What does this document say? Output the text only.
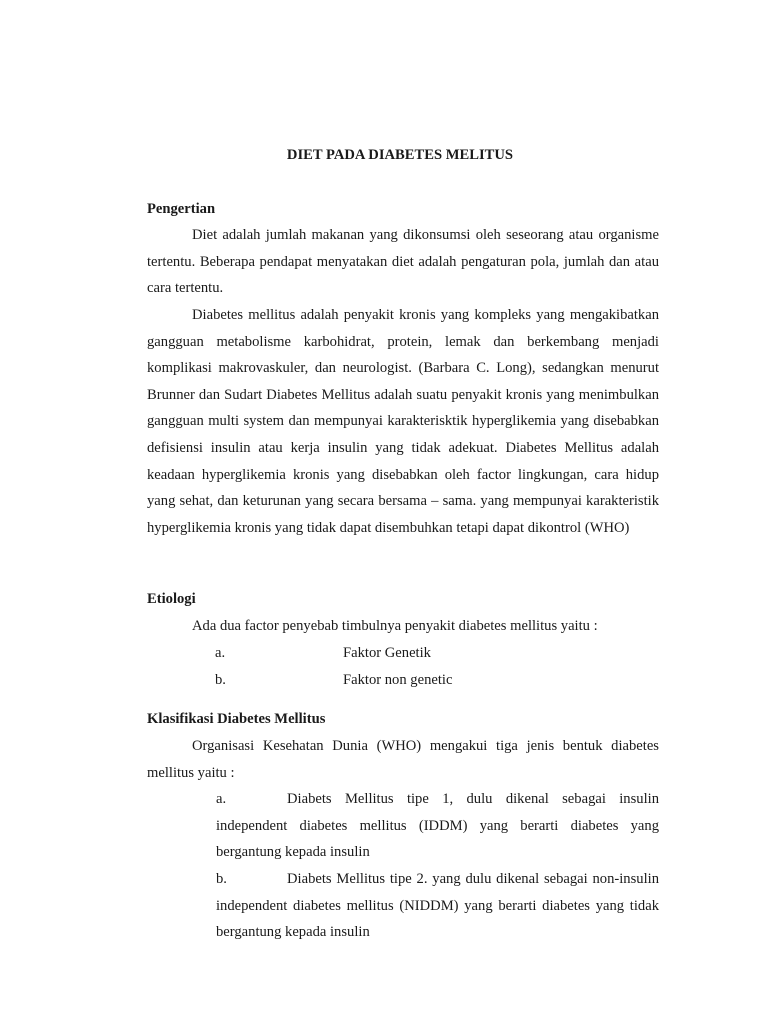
DIET PADA DIABETES MELITUS
Pengertian

Diet adalah jumlah makanan yang dikonsumsi oleh seseorang atau organisme tertentu. Beberapa pendapat menyatakan diet adalah pengaturan pola, jumlah dan atau cara tertentu.

Diabetes mellitus adalah penyakit kronis yang kompleks yang mengakibatkan gangguan metabolisme karbohidrat, protein, lemak dan berkembang menjadi komplikasi makrovaskuler, dan neurologist. (Barbara C. Long), sedangkan menurut Brunner dan Sudart Diabetes Mellitus adalah suatu penyakit kronis yang menimbulkan gangguan multi system dan mempunyai karakterisktik hyperglikemia yang disebabkan defisiensi insulin atau kerja insulin yang tidak adekuat. Diabetes Mellitus adalah keadaan hyperglikemia kronis yang disebabkan oleh factor lingkungan, cara hidup yang sehat, dan keturunan yang secara bersama – sama. yang mempunyai karakteristik hyperglikemia kronis yang tidak dapat disembuhkan tetapi dapat dikontrol (WHO)

Etiologi
Ada dua factor penyebab timbulnya penyakit diabetes mellitus yaitu :
a.	Faktor Genetik
b.	Faktor non genetic
Klasifikasi Diabetes Mellitus

Organisasi Kesehatan Dunia (WHO) mengakui tiga jenis bentuk diabetes mellitus yaitu :

a.	Diabets Mellitus tipe 1, dulu dikenal sebagai insulin independent diabetes mellitus (IDDM) yang berarti diabetes yang bergantung kepada insulin

b.	Diabets Mellitus tipe 2. yang dulu dikenal sebagai non-insulin independent diabetes mellitus (NIDDM) yang berarti diabetes yang tidak bergantung kepada insulin
